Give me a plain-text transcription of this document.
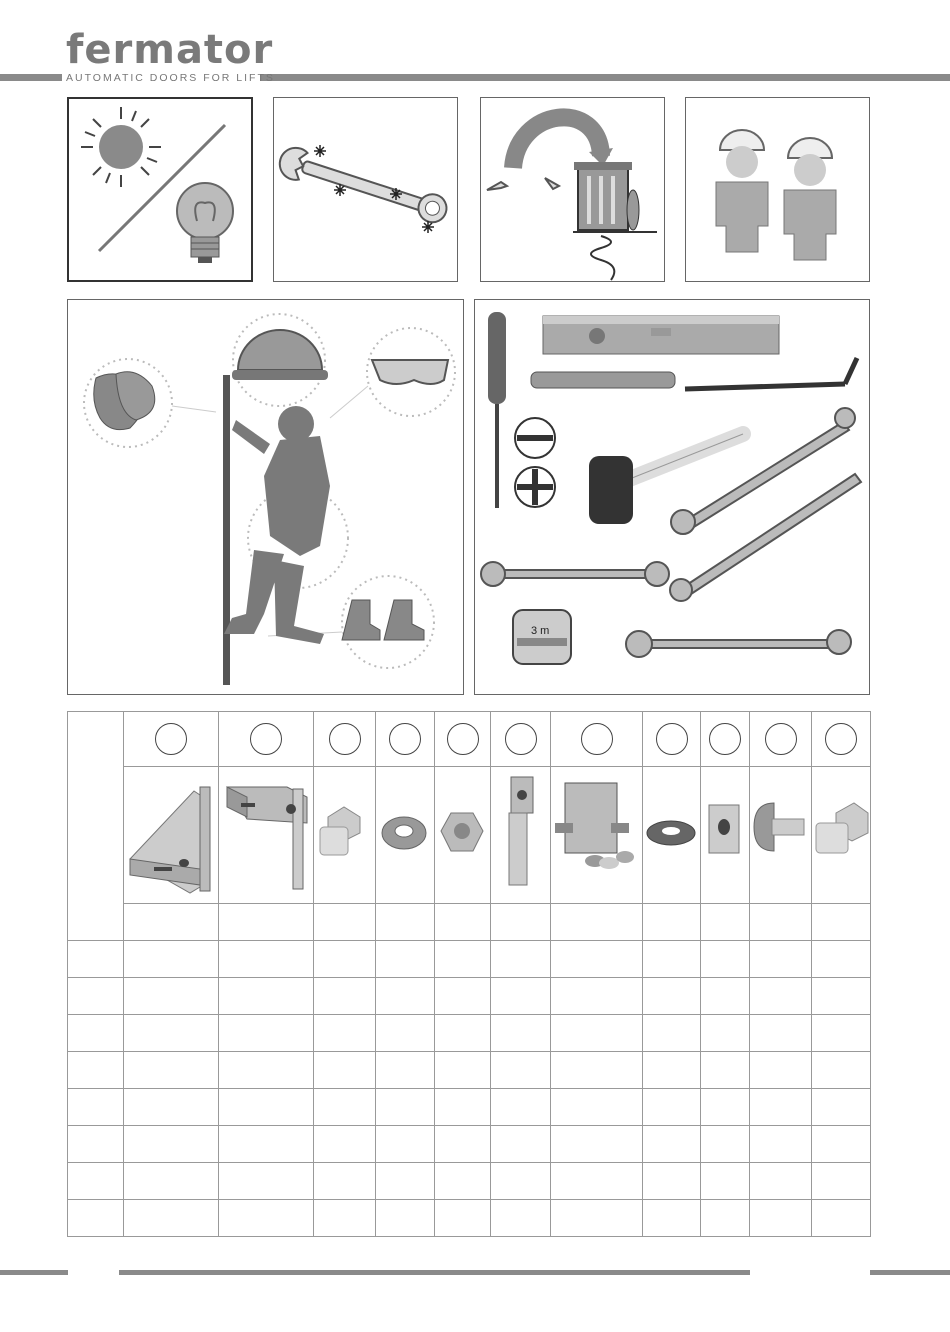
fermator
AUTOMATIC DOORS FOR LIFTS
3 m
